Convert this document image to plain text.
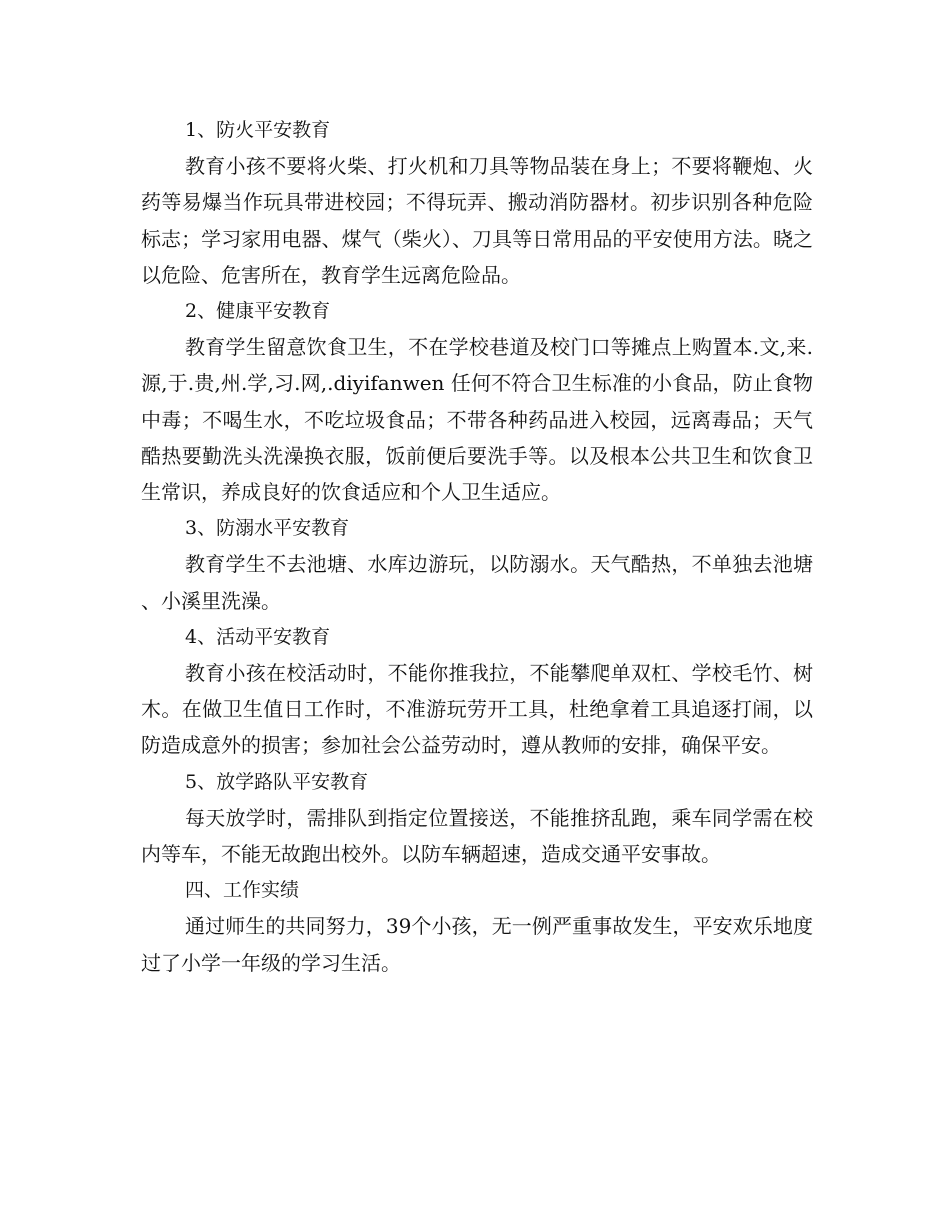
1、防火平安教育

教育小孩不要将火柴、打火机和刀具等物品装在身上；不要将鞭炮、火药等易爆当作玩具带进校园；不得玩弄、搬动消防器材。初步识别各种危险标志；学习家用电器、煤气（柴火）、刀具等日常用品的平安使用方法。晓之以危险、危害所在，教育学生远离危险品。

2、健康平安教育

教育学生留意饮食卫生，不在学校巷道及校门口等摊点上购置本.文,来.源,于.贵,州.学,习.网,.diyifanwen 任何不符合卫生标准的小食品，防止食物中毒；不喝生水，不吃垃圾食品；不带各种药品进入校园，远离毒品；天气酷热要勤洗头洗澡换衣服，饭前便后要洗手等。以及根本公共卫生和饮食卫生常识，养成良好的饮食适应和个人卫生适应。

3、防溺水平安教育

教育学生不去池塘、水库边游玩，以防溺水。天气酷热，不单独去池塘、小溪里洗澡。

4、活动平安教育

教育小孩在校活动时，不能你推我拉，不能攀爬单双杠、学校毛竹、树木。在做卫生值日工作时，不准游玩劳开工具，杜绝拿着工具追逐打闹，以防造成意外的损害；参加社会公益劳动时，遵从教师的安排，确保平安。

5、放学路队平安教育

每天放学时，需排队到指定位置接送，不能推挤乱跑，乘车同学需在校内等车，不能无故跑出校外。以防车辆超速，造成交通平安事故。

四、工作实绩

通过师生的共同努力，39个小孩，无一例严重事故发生，平安欢乐地度过了小学一年级的学习生活。
